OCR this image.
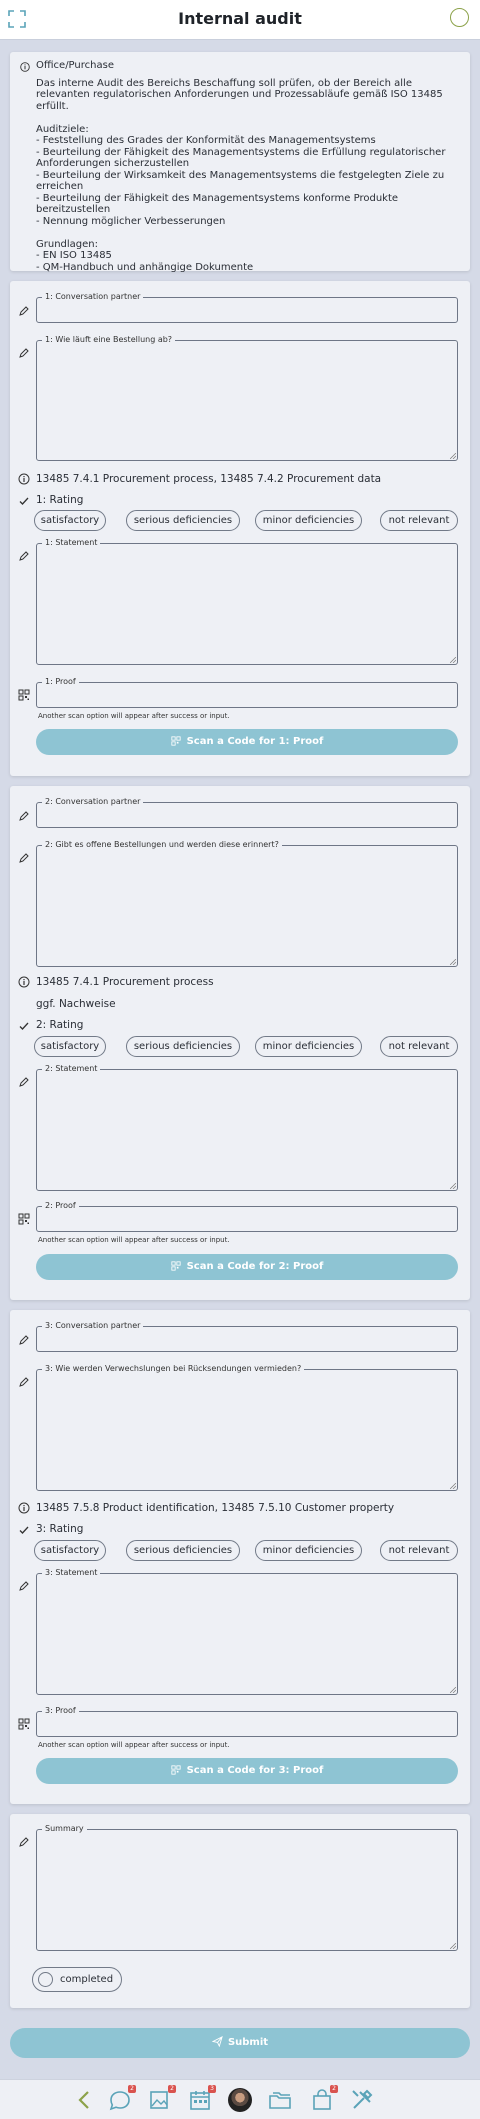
Internal audit
Office/Purchase
Das interne Audit des Bereichs Beschaffung soll prüfen, ob der Bereich alle relevanten regulatorischen Anforderungen und Prozessabläufe gemäß ISO 13485 erfüllt.

Auditziele:
- Feststellung des Grades der Konformität des Managementsystems
- Beurteilung der Fähigkeit des Managementsystems die Erfüllung regulatorischer Anforderungen sicherzustellen
- Beurteilung der Wirksamkeit des Managementsystems die festgelegten Ziele zu erreichen
- Beurteilung der Fähigkeit des Managementsystems konforme Produkte bereitzustellen
- Nennung möglicher Verbesserungen

Grundlagen:
- EN ISO 13485
- QM-Handbuch und anhängige Dokumente
1: Conversation partner
1: Wie läuft eine Bestellung ab?
13485 7.4.1 Procurement process, 13485 7.4.2 Procurement data
1: Rating
satisfactory	serious deficiencies	minor deficiencies	not relevant
1: Statement
1: Proof
Another scan option will appear after success or input.
Scan a Code for 1: Proof
2: Conversation partner
2: Gibt es offene Bestellungen und werden diese erinnert?
13485 7.4.1 Procurement process
ggf. Nachweise
2: Rating
satisfactory	serious deficiencies	minor deficiencies	not relevant
2: Statement
2: Proof
Another scan option will appear after success or input.
Scan a Code for 2: Proof
3: Conversation partner
3: Wie werden Verwechslungen bei Rücksendungen vermieden?
13485 7.5.8 Product identification, 13485 7.5.10 Customer property
3: Rating
satisfactory	serious deficiencies	minor deficiencies	not relevant
3: Statement
3: Proof
Another scan option will appear after success or input.
Scan a Code for 3: Proof
Summary
completed
Submit
2	2	3	2
